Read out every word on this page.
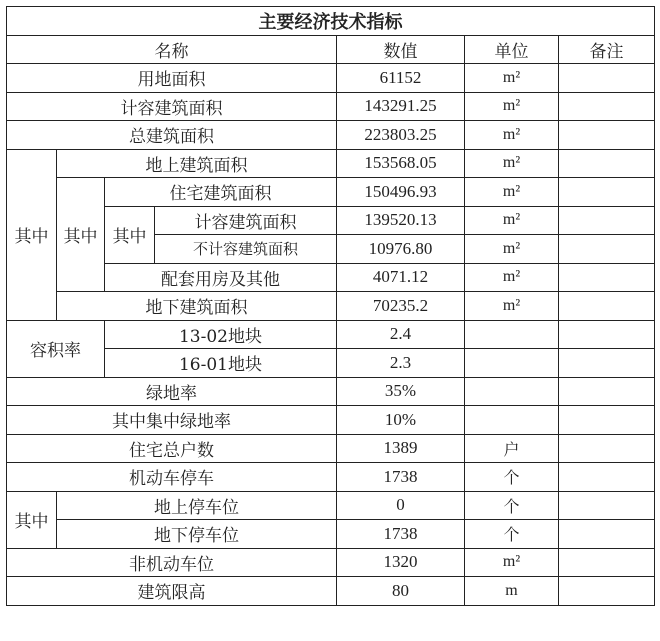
主要经济技术指标						
名称				数值	单位	备注
用地面积				61152	m²	
计容建筑面积				143291.25	m²	
总建筑面积				223803.25	m²	
其中	地上建筑面积			153568.05	m²	
	其中	住宅建筑面积		150496.93	m²	
		其中	计容建筑面积	139520.13	m²	
			不计容建筑面积	10976.80	m²	
		配套用房及其他		4071.12	m²	
	地下建筑面积			70235.2	m²	
容积率		13-02地块		2.4		
		16-01地块		2.3		
绿地率				35%		
其中集中绿地率				10%		
住宅总户数				1389	户	
机动车停车				1738	个	
其中	地上停车位			0	个	
	地下停车位			1738	个	
非机动车位				1320	m²	
建筑限高				80	m	
